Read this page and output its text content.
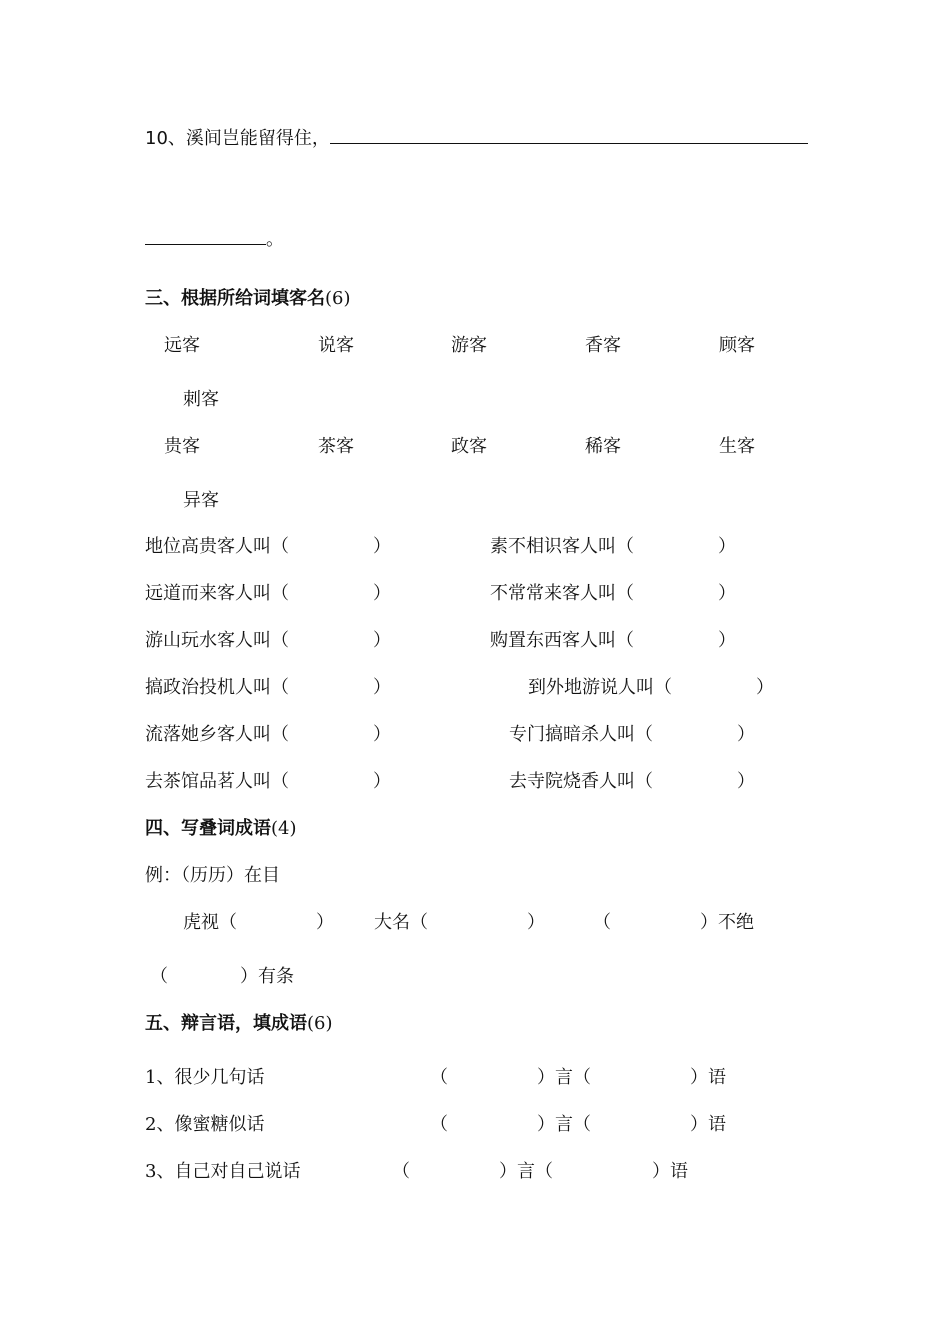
10、溪间岂能留得住，
。
三、根据所给词填客名(6)
远客	说客	游客	香客	顾客
刺客
贵客	茶客	政客	稀客	生客
异客
地位高贵客人叫（	）	素不相识客人叫（	）
远道而来客人叫（	）	不常常来客人叫（	）
游山玩水客人叫（	）	购置东西客人叫（	）
搞政治投机人叫（	）	到外地游说人叫（	）
流落她乡客人叫（	）	专门搞暗杀人叫（	）
去茶馆品茗人叫（	）	去寺院烧香人叫（	）
四、写叠词成语(4)
例：（历历）在目
虎视（	） 大名（	）	（	）不绝
（	）有条
五、辩言语，填成语(6)
1、很少几句话	（	）言（	）语
2、像蜜糖似话	（	）言（	）语
3、自己对自己说话	（	）言（	）语
